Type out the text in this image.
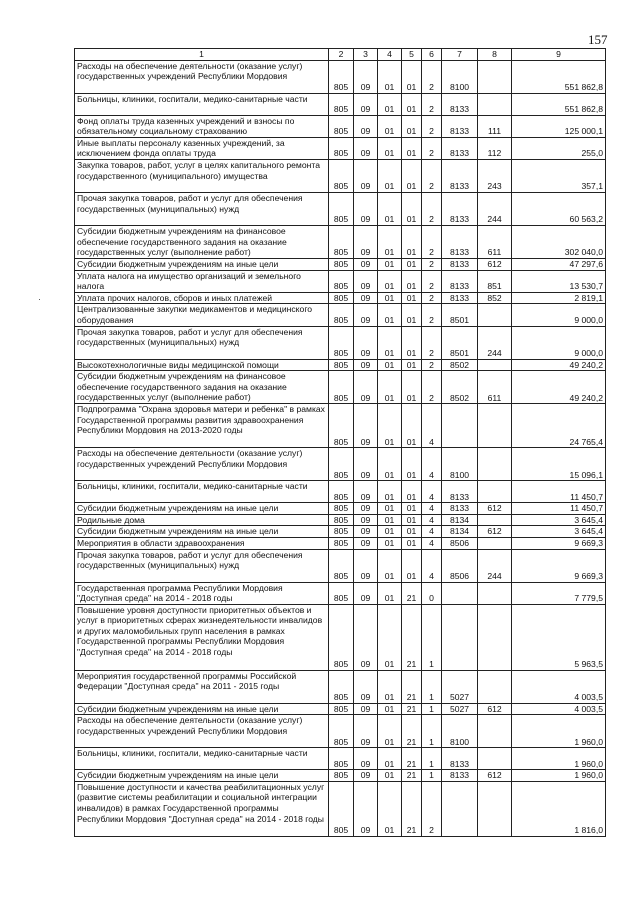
157
·
1	2	3	4	5	6	7	8	9
Расходы на обеспечение деятельности (оказание услуг) государственных учреждений Республики Мордовия	805	09	01	01	2	8100		551 862,8
Больницы, клиники, госпитали, медико-санитарные части	805	09	01	01	2	8133		551 862,8
Фонд оплаты труда казенных учреждений и взносы по обязательному социальному страхованию	805	09	01	01	2	8133	111	125 000,1
Иные выплаты персоналу казенных учреждений, за исключением фонда оплаты труда	805	09	01	01	2	8133	112	255,0
Закупка товаров, работ, услуг в целях капитального ремонта государственного (муниципального) имущества	805	09	01	01	2	8133	243	357,1
Прочая закупка товаров, работ и услуг для обеспечения государственных (муниципальных) нужд	805	09	01	01	2	8133	244	60 563,2
Субсидии бюджетным учреждениям на финансовое обеспечение государственного задания на оказание государственных услуг (выполнение работ)	805	09	01	01	2	8133	611	302 040,0
Субсидии бюджетным учреждениям на иные цели	805	09	01	01	2	8133	612	47 297,6
Уплата налога на имущество организаций и земельного налога	805	09	01	01	2	8133	851	13 530,7
Уплата прочих налогов, сборов и иных платежей	805	09	01	01	2	8133	852	2 819,1
Централизованные закупки медикаментов и медицинского оборудования	805	09	01	01	2	8501		9 000,0
Прочая закупка товаров, работ и услуг для обеспечения государственных (муниципальных) нужд	805	09	01	01	2	8501	244	9 000,0
Высокотехнологичные виды медицинской помощи	805	09	01	01	2	8502		49 240,2
Субсидии бюджетным учреждениям на финансовое обеспечение государственного задания на оказание государственных услуг (выполнение работ)	805	09	01	01	2	8502	611	49 240,2
Подпрограмма "Охрана здоровья матери и ребенка" в рамках Государственной программы развития здравоохранения Республики Мордовия на 2013-2020 годы	805	09	01	01	4			24 765,4
Расходы на обеспечение деятельности (оказание услуг) государственных учреждений Республики Мордовия	805	09	01	01	4	8100		15 096,1
Больницы, клиники, госпитали, медико-санитарные части	805	09	01	01	4	8133		11 450,7
Субсидии бюджетным учреждениям на иные цели	805	09	01	01	4	8133	612	11 450,7
Родильные дома	805	09	01	01	4	8134		3 645,4
Субсидии бюджетным учреждениям на иные цели	805	09	01	01	4	8134	612	3 645,4
Мероприятия в области здравоохранения	805	09	01	01	4	8506		9 669,3
Прочая закупка товаров, работ и услуг для обеспечения государственных (муниципальных) нужд	805	09	01	01	4	8506	244	9 669,3
Государственная программа Республики Мордовия "Доступная среда" на 2014 - 2018 годы	805	09	01	21	0			7 779,5
Повышение уровня доступности приоритетных объектов и услуг в приоритетных сферах жизнедеятельности инвалидов и других маломобильных групп населения в рамках Государственной программы Республики Мордовия "Доступная среда" на 2014 - 2018 годы	805	09	01	21	1			5 963,5
Мероприятия государственной программы Российской Федерации "Доступная среда" на 2011 - 2015 годы	805	09	01	21	1	5027		4 003,5
Субсидии бюджетным учреждениям на иные цели	805	09	01	21	1	5027	612	4 003,5
Расходы на обеспечение деятельности (оказание услуг) государственных учреждений Республики Мордовия	805	09	01	21	1	8100		1 960,0
Больницы, клиники, госпитали, медико-санитарные части	805	09	01	21	1	8133		1 960,0
Субсидии бюджетным учреждениям на иные цели	805	09	01	21	1	8133	612	1 960,0
Повышение доступности и качества реабилитационных услуг (развитие системы реабилитации и социальной интеграции инвалидов) в рамках Государственной программы Республики Мордовия "Доступная среда" на 2014 - 2018 годы	805	09	01	21	2			1 816,0
